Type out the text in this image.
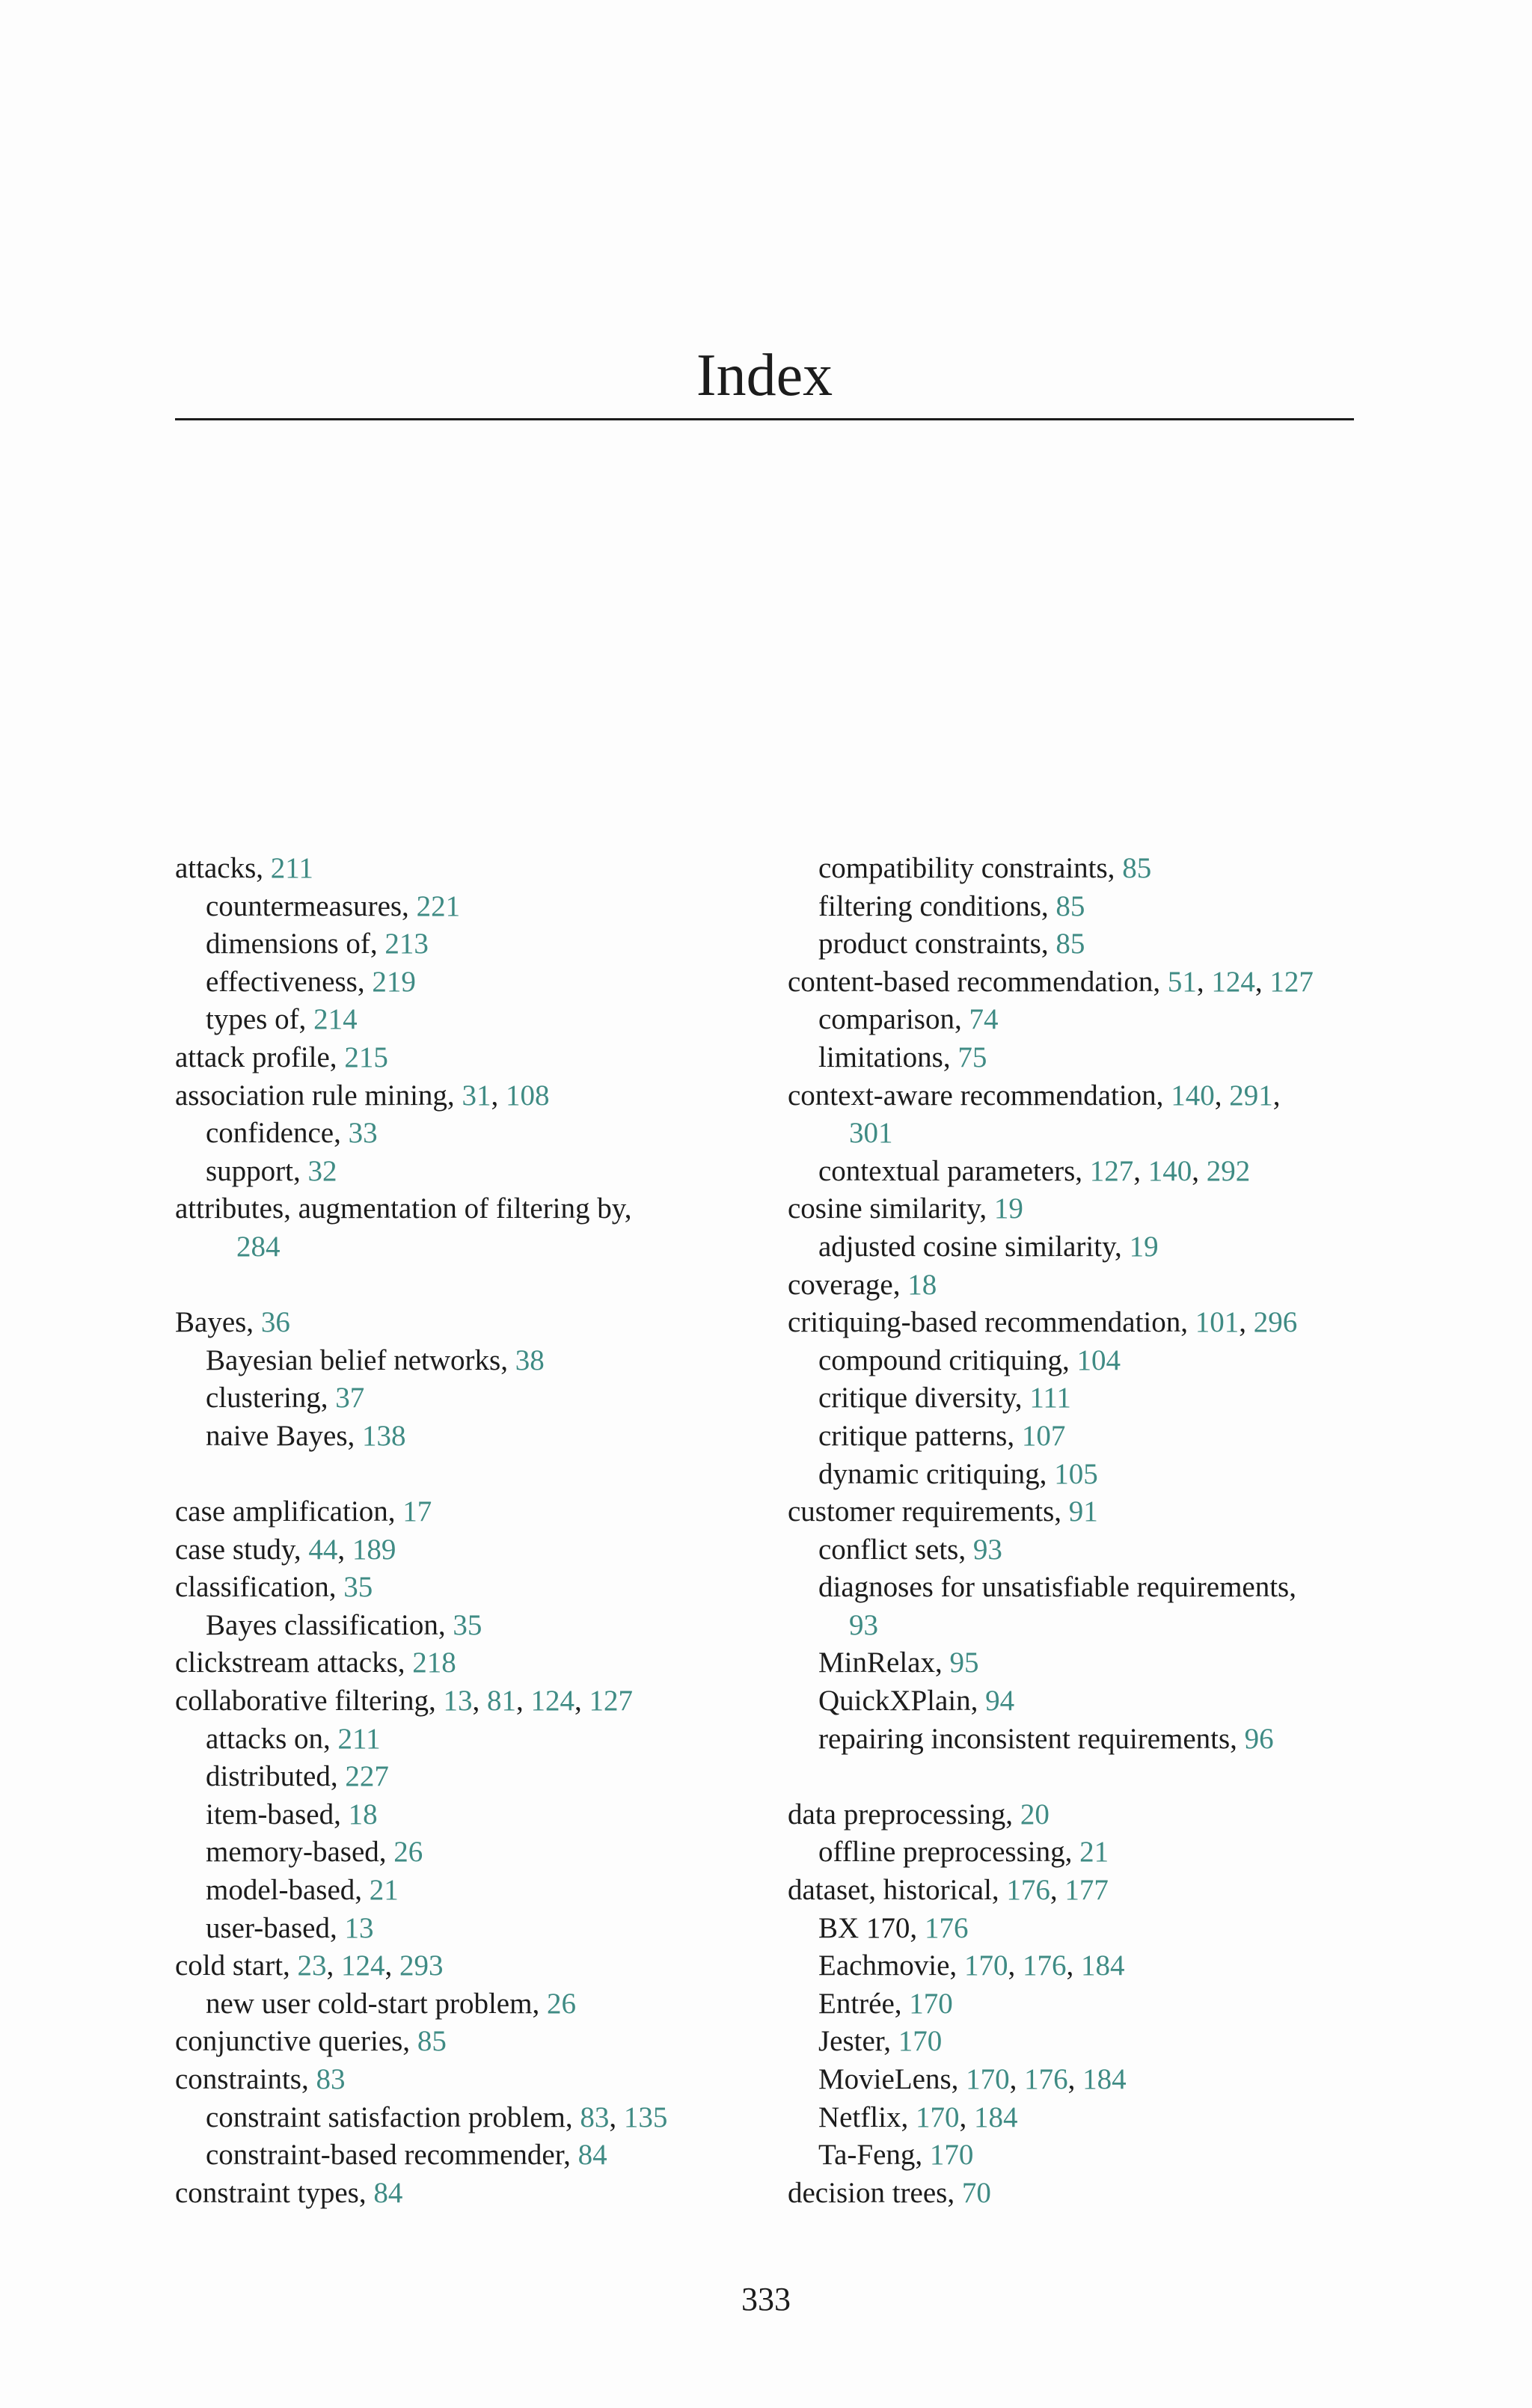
Index
attacks, 211
countermeasures, 221
dimensions of, 213
effectiveness, 219
types of, 214
attack profile, 215
association rule mining, 31, 108
confidence, 33
support, 32
attributes, augmentation of filtering by,
284
Bayes, 36
Bayesian belief networks, 38
clustering, 37
naive Bayes, 138
case amplification, 17
case study, 44, 189
classification, 35
Bayes classification, 35
clickstream attacks, 218
collaborative filtering, 13, 81, 124, 127
attacks on, 211
distributed, 227
item-based, 18
memory-based, 26
model-based, 21
user-based, 13
cold start, 23, 124, 293
new user cold-start problem, 26
conjunctive queries, 85
constraints, 83
constraint satisfaction problem, 83, 135
constraint-based recommender, 84
constraint types, 84
compatibility constraints, 85
filtering conditions, 85
product constraints, 85
content-based recommendation, 51, 124, 127
comparison, 74
limitations, 75
context-aware recommendation, 140, 291,
301
contextual parameters, 127, 140, 292
cosine similarity, 19
adjusted cosine similarity, 19
coverage, 18
critiquing-based recommendation, 101, 296
compound critiquing, 104
critique diversity, 111
critique patterns, 107
dynamic critiquing, 105
customer requirements, 91
conflict sets, 93
diagnoses for unsatisfiable requirements,
93
MinRelax, 95
QuickXPlain, 94
repairing inconsistent requirements, 96
data preprocessing, 20
offline preprocessing, 21
dataset, historical, 176, 177
BX 170, 176
Eachmovie, 170, 176, 184
Entrée, 170
Jester, 170
MovieLens, 170, 176, 184
Netflix, 170, 184
Ta-Feng, 170
decision trees, 70
333
